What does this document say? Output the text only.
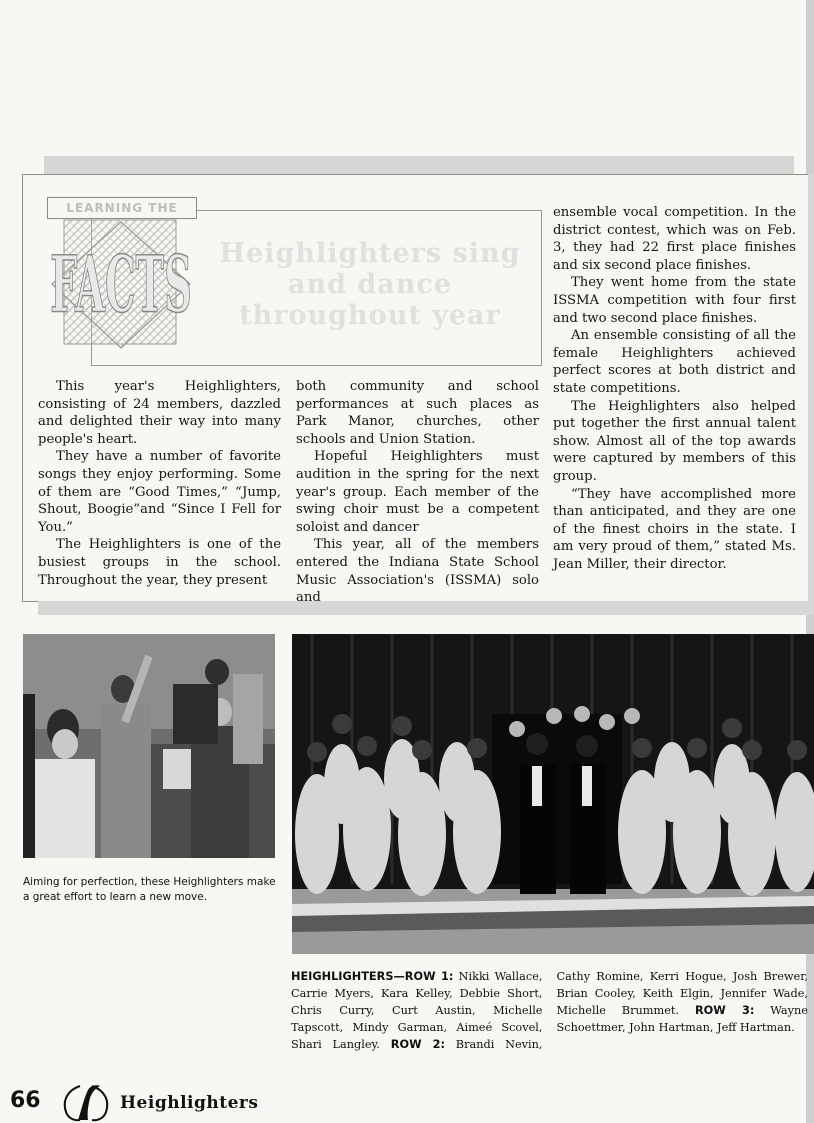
Heighlighters sing and dance throughout year
LEARNING THE
FACTS

This year's Heighlighters, consisting of 24 members, dazzled and delighted their way into many people's heart.

They have a number of favorite songs they enjoy performing. Some of them are “Good Times,” “Jump, Shout, Boogie”and “Since I Fell for You.”

The Heighlighters is one of the busiest groups in the school. Throughout the year, they present

both community and school performances at such places as Park Manor, churches, other schools and Union Station.

Hopeful Heighlighters must audition in the spring for the next year's group. Each member of the swing choir must be a competent soloist and dancer

This year, all of the members entered the Indiana State School Music Association's (ISSMA) solo and

ensemble vocal competition. In the district contest, which was on Feb. 3, they had 22 first place finishes and six second place finishes.

They went home from the state ISSMA competition with four first and two second place finishes.

An ensemble consisting of all the female Heighlighters achieved perfect scores at both district and state competitions.

The Heighlighters also helped put together the first annual talent show. Almost all of the top awards were captured by members of this group.

“They have accomplished more than anticipated, and they are one of the finest choirs in the state. I am very proud of them,” stated Ms. Jean Miller, their director.

Aiming for perfection, these Heighlighters make a great effort to learn a new move.
HEIGHLIGHTERS—ROW 1: Nikki Wallace, Carrie Myers, Kara Kelley, Debbie Short, Chris Curry, Curt Austin, Michelle Tapscott, Mindy Garman, Aimeé Scovel, Shari Langley. ROW 2: Brandi Nevin, Cathy Romine, Kerri Hogue, Josh Brewer, Brian Cooley, Keith Elgin, Jennifer Wade, Michelle Brummet. ROW 3: Wayne Schoettmer, John Hartman, Jeff Hartman.
66	Heighlighters
